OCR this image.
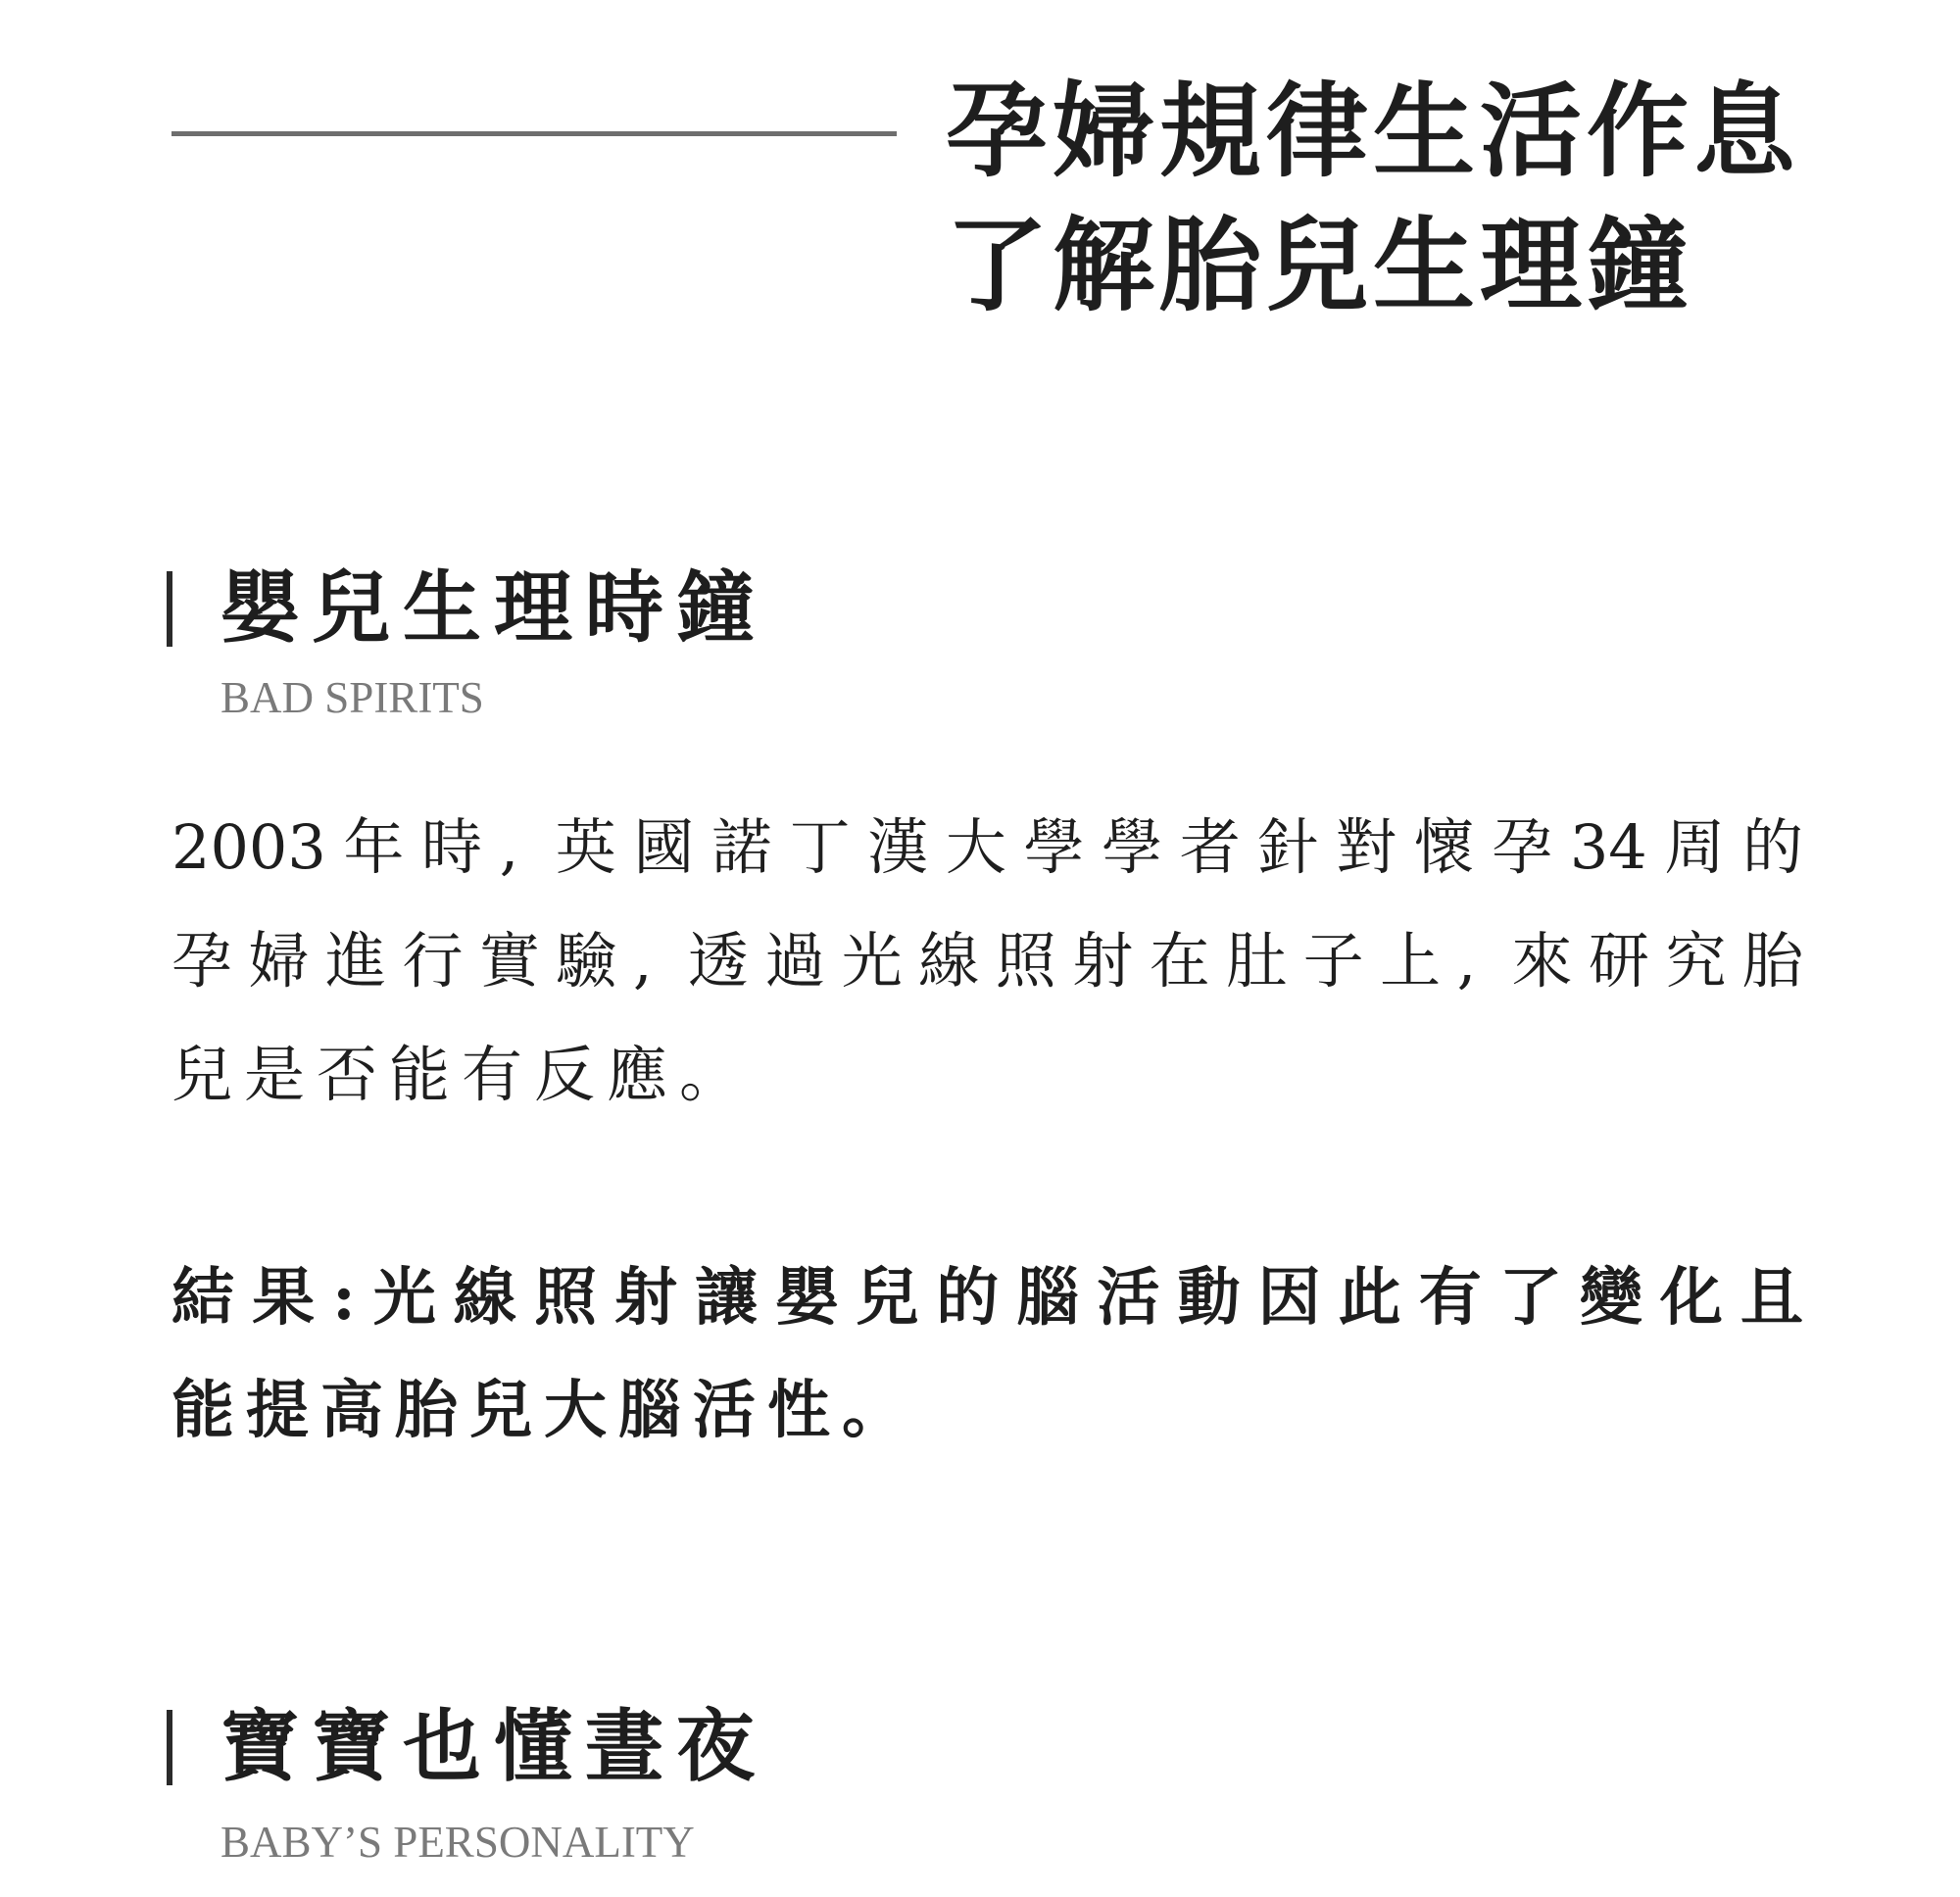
孕婦規律生活作息
了解胎兒生理鐘
嬰兒生理時鐘
BAD SPIRITS
2003年時, 英國諾丁漢大學學者針對懷孕34周的
孕婦進行實驗, 透過光線照射在肚子上, 來研究胎
兒是否能有反應。
結果:光線照射讓嬰兒的腦活動因此有了變化且
能提高胎兒大腦活性。
寶寶也懂晝夜
BABY’S PERSONALITY
